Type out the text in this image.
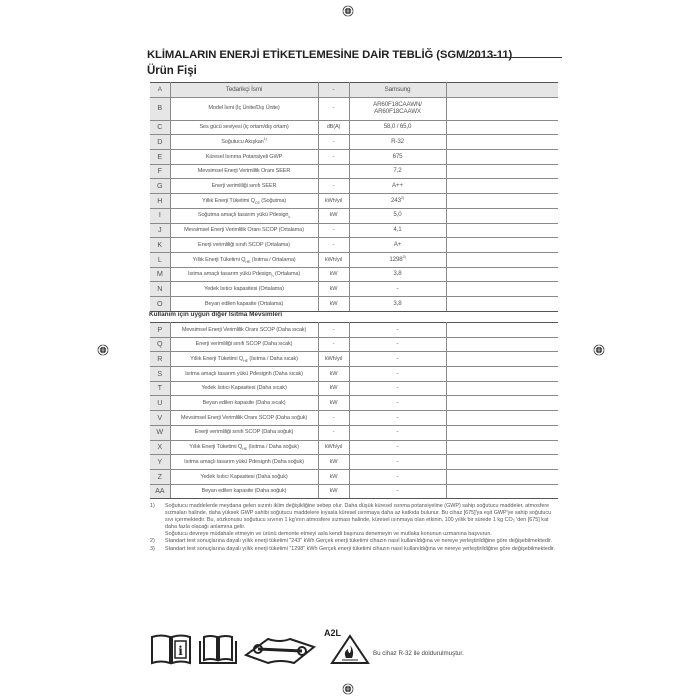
KLİMALARIN ENERJİ ETİKETLEMESİNE DAİR TEBLİĞ (SGM/2013-11)
Ürün Fişi
A	Tedarikçi İsmi	-	Samsung	
B	Model İsmi (İç Ünite/Dış Ünite)	-	AR60F18CAAWN/ AR60F18CAAWX	
C	Ses gücü seviyesi (iç ortam/dış ortam)	dB(A)	58,0 / 65,0	
D	Soğutucu Akışkan$^{1)}$	-	R-32	
E	Küresel Isınma Potansiyeli GWP	-	675	
F	Mevsimsel Enerji Verimlilik Oranı SEER		7,2	
G	Enerji verimliliği sınıfı SEER	-	A++	
H	Yıllık Enerji Tüketimi $Q_{CE}$ (Soğutma)	kWh/yıl	243$^{2)}$	
I	Soğutma amaçlı tasarım yükü Pdesign$_c$	kW	5,0	
J	Mevsimsel Enerji Verimlilik Oranı SCOP (Ortalama)	-	4,1	
K	Enerji verimliliği sınıfı SCOP (Ortalama)	-	A+	
L	Yıllık Enerji Tüketimi $Q_{HE}$ (Isıtma / Ortalama)	kWh/yıl	1298$^{3)}$	
M	Isıtma amaçlı tasarım yükü Pdesign$_h$ (Ortalama)	kW	3,8	
N	Yedek Isıtıcı kapasitesi (Ortalama)	kW	-	
O	Beyan edilen kapasite (Ortalama)	kW	3,8	
Kullanım için uygun diğer Isıtma Mevsimleri
P	Mevsimsel Enerji Verimlilik Oranı SCOP (Daha sıcak)	-	-	
Q	Enerji verimliliği sınıfı SCOP (Daha sıcak)	-	-	
R	Yıllık Enerji Tüketimi $Q_{HE}$ (Isıtma / Daha sıcak)	kWh/yıl	-	
S	Isıtma amaçlı tasarım yükü Pdesignh (Daha sıcak)	kW	-	
T	Yedek Isıtıcı Kapasitesi (Daha sıcak)	kW	-	
U	Beyan edilen kapasite (Daha sıcak)	kW	-	
V	Mevsimsel Enerji Verimlilik Oranı SCOP (Daha soğuk)	-	-	
W	Enerji verimliliği sınıfı SCOP (Daha soğuk)	-	-	
X	Yıllık Enerji Tüketimi $Q_{HE}$ (Isıtma / Daha soğuk)	kWh/yıl	-	
Y	Isıtma amaçlı tasarım yükü Pdesignh (Daha soğuk)	kW	-	
Z	Yedek Isıtıcı Kapasitesi (Daha soğuk)	kW	-	
AA	Beyan edilen kapasite (Daha soğuk)	kW	-	
1)	Soğutucu maddelerde meydana gelen sızıntı iklim değişikliğine sebep olur. Daha düşük küresel ısınma potansiyeline (GWP) sahip soğutucu maddeler, atmosfere sızmaları halinde, daha yüksek GWP sahibi soğutucu maddelere kıyasla küresel ısınmaya daha az katkıda bulunur. Bu cihaz [675]'ya eşit GWP'ye sahip soğutucu sıvı içermektedir. Bu, sözkonusu soğutucu sıvının 1 kg'ının atmosfere sızması halinde, küresel ısınmaya olan etkinin, 100 yıllık bir sürede 1 kg CO₂ 'den [675] kat daha fazla olacağı anlamına gelir.
Soğutucu devreye müdahale etmeyin ve ürünü demonte etmeyi asla kendi başınıza denemeyin ve mutlaka konunun uzmanına başvurun.
2)	Standart test sonuçlarına dayalı yıllık enerji tüketimi "243" kWh Gerçek enerji tüketimi cihazın nasıl kullanıldığına ve nereye yerleştirildiğine göre değişebilmektedir.
3)	Standart test sonuçlarına dayalı yıllık enerji tüketimi "1298" kWh Gerçek enerji tüketimi cihazın nasıl kullanıldığına ve nereye yerleştirildiğine göre değişebilmektedir.
i
A2L
Bu cihaz R-32 ile doldurulmuştur.
